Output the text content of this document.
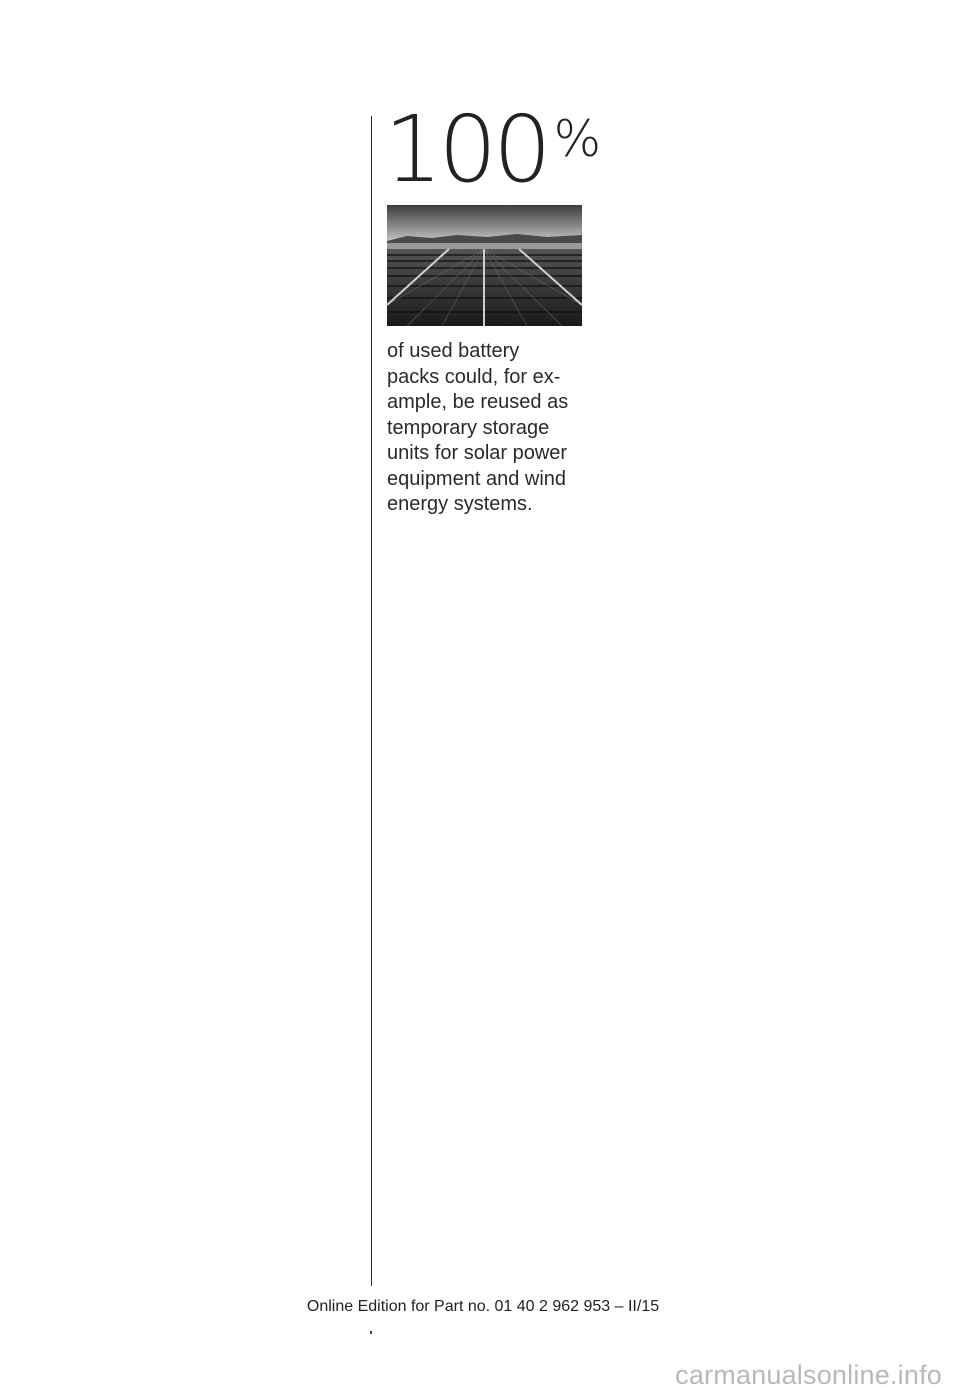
100 %
of used battery
packs could, for ex-
ample, be reused as
temporary storage
units for solar power
equipment and wind
energy systems.
Online Edition for Part no. 01 40 2 962 953 – II/15
carmanualsonline.info
